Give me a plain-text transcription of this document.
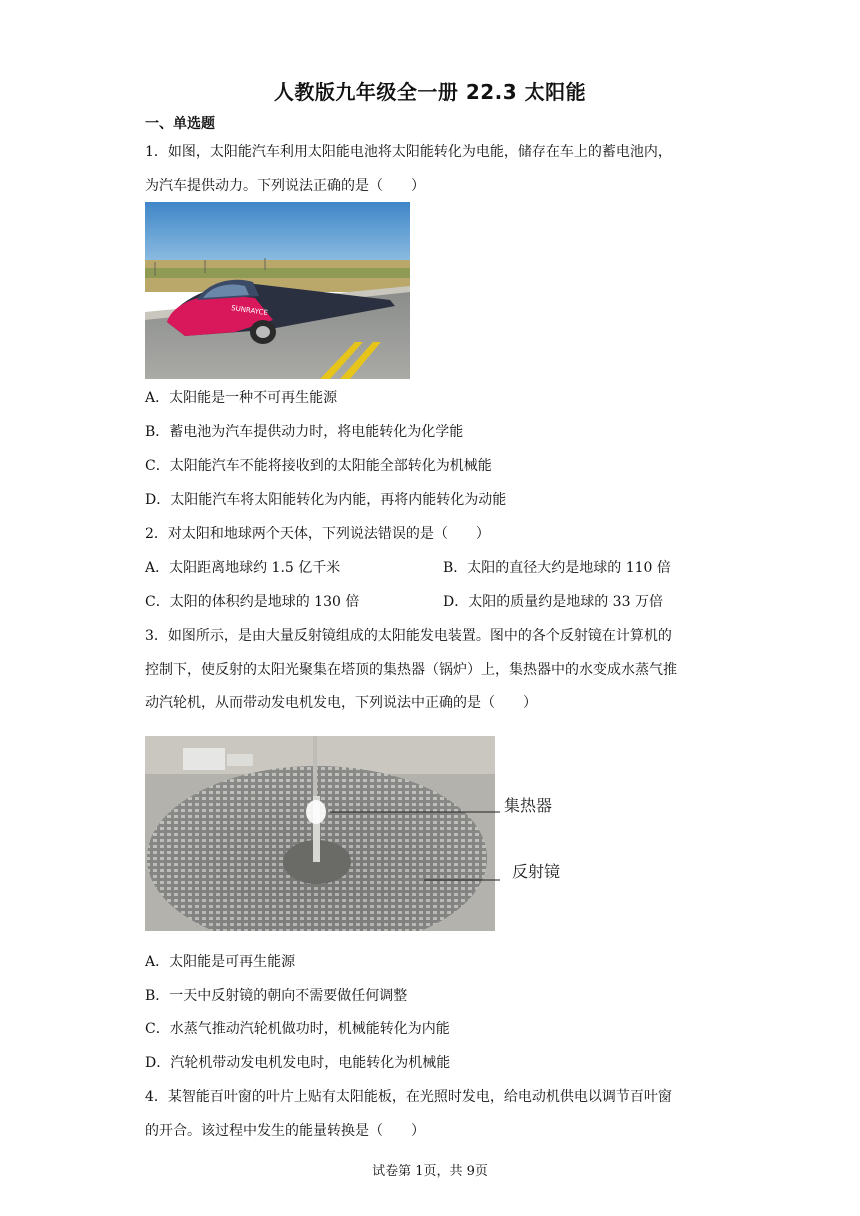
人教版九年级全一册 22.3 太阳能
一、单选题
1．如图，太阳能汽车利用太阳能电池将太阳能转化为电能，储存在车上的蓄电池内，
为汽车提供动力。下列说法正确的是（　　）
SUNRAYCE
A．太阳能是一种不可再生能源
B．蓄电池为汽车提供动力时，将电能转化为化学能
C．太阳能汽车不能将接收到的太阳能全部转化为机械能
D．太阳能汽车将太阳能转化为内能，再将内能转化为动能
2．对太阳和地球两个天体，下列说法错误的是（　　）
A．太阳距离地球约 1.5 亿千米	B．太阳的直径大约是地球的 110 倍
C．太阳的体积约是地球的 130 倍	D．太阳的质量约是地球的 33 万倍
3．如图所示，是由大量反射镜组成的太阳能发电装置。图中的各个反射镜在计算机的
控制下，使反射的太阳光聚集在塔顶的集热器（锅炉）上，集热器中的水变成水蒸气推
动汽轮机，从而带动发电机发电，下列说法中正确的是（　　）
集热器
反射镜
A．太阳能是可再生能源
B．一天中反射镜的朝向不需要做任何调整
C．水蒸气推动汽轮机做功时，机械能转化为内能
D．汽轮机带动发电机发电时，电能转化为机械能
4．某智能百叶窗的叶片上贴有太阳能板，在光照时发电，给电动机供电以调节百叶窗
的开合。该过程中发生的能量转换是（　　）
试卷第 1页，共 9页
